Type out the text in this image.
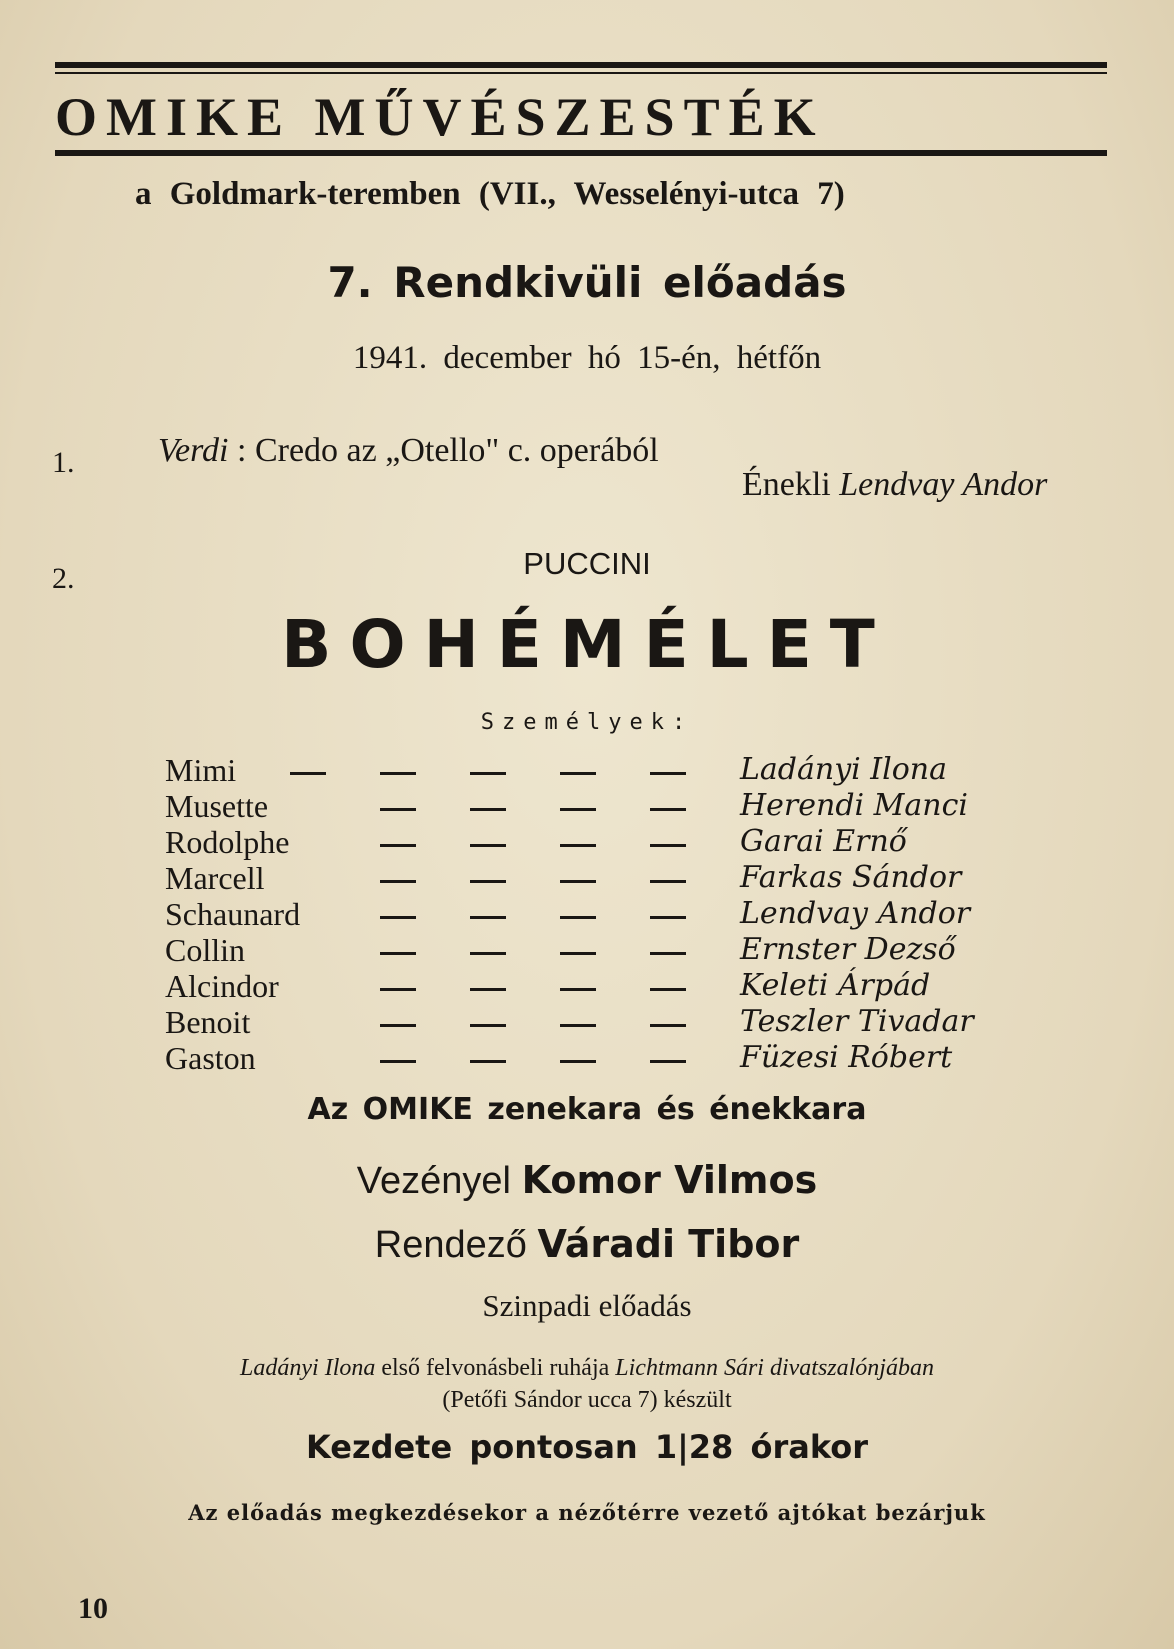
OMIKE MŰVÉSZESTÉK
a Goldmark-teremben (VII., Wesselényi-utca 7)
7. Rendkivüli előadás
1941. december hó 15-én, hétfőn
1. Verdi : Credo az „Otello" c. operából
Énekli Lendvay Andor
2.	PUCCINI
BOHÉMÉLET
Személyek:
Mimi	Ladányi Ilona
Musette	Herendi Manci
Rodolphe	Garai Ernő
Marcell	Farkas Sándor
Schaunard	Lendvay Andor
Collin	Ernster Dezső
Alcindor	Keleti Árpád
Benoit	Teszler Tivadar
Gaston	Füzesi Róbert
Az OMIKE zenekara és énekkara
Vezényel Komor Vilmos
Rendező Váradi Tibor
Szinpadi előadás
Ladányi Ilona első felvonásbeli ruhája Lichtmann Sári divatszalónjában
(Petőfi Sándor ucca 7) készült
Kezdete pontosan 1|28 órakor
Az előadás megkezdésekor a nézőtérre vezető ajtókat bezárjuk
10
